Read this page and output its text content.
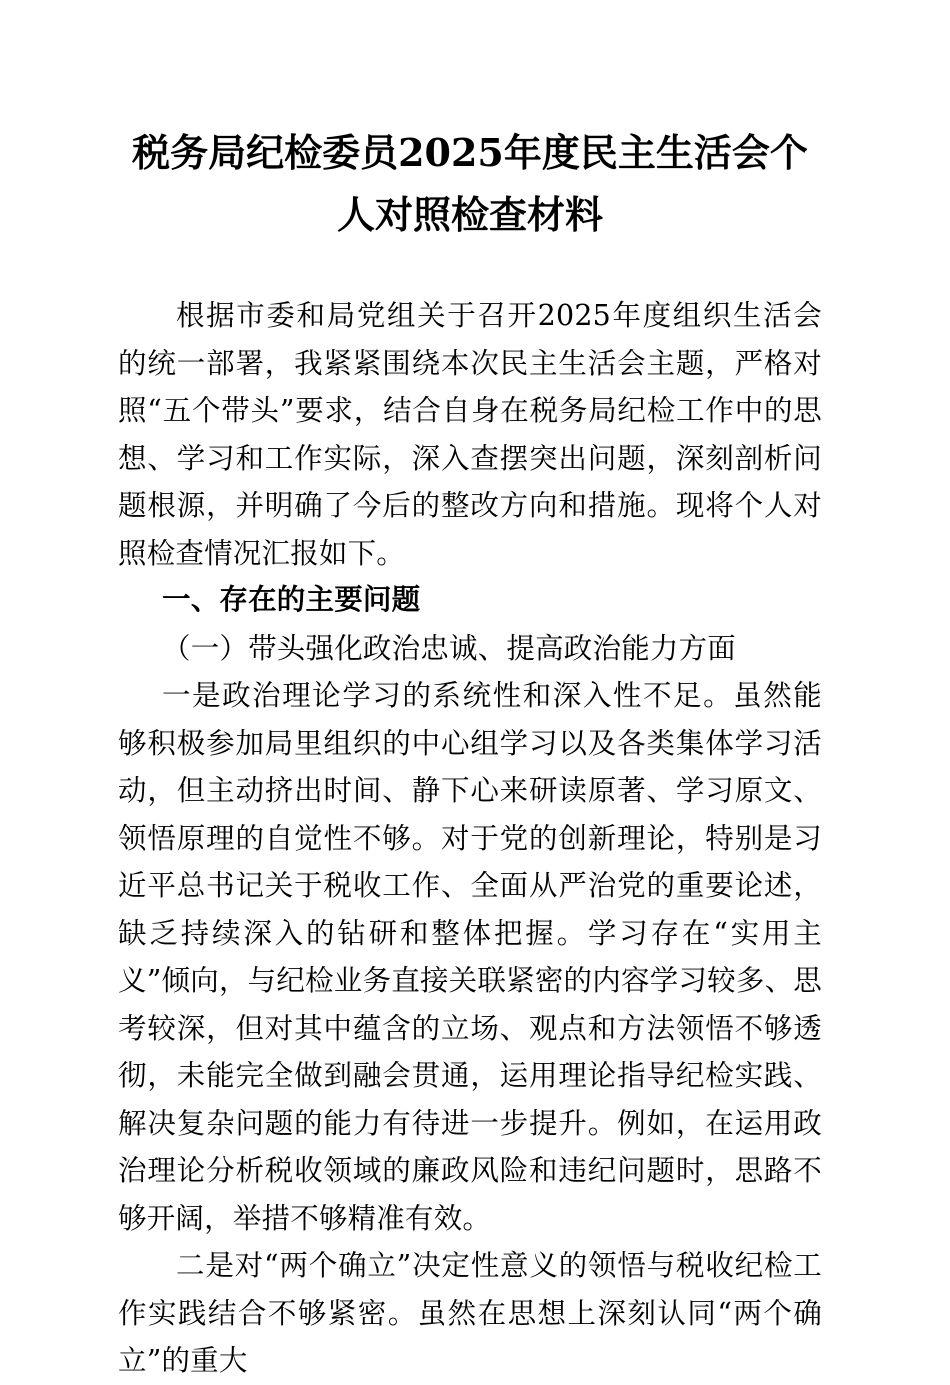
税务局纪检委员2025年度民主生活会个人对照检查材料

根据市委和局党组关于召开2025年度组织生活会的统一部署，我紧紧围绕本次民主生活会主题，严格对照“五个带头”要求，结合自身在税务局纪检工作中的思想、学习和工作实际，深入查摆突出问题，深刻剖析问题根源，并明确了今后的整改方向和措施。现将个人对照检查情况汇报如下。

一、存在的主要问题

（一）带头强化政治忠诚、提高政治能力方面

一是政治理论学习的系统性和深入性不足。虽然能够积极参加局里组织的中心组学习以及各类集体学习活动，但主动挤出时间、静下心来研读原著、学习原文、领悟原理的自觉性不够。对于党的创新理论，特别是习近平总书记关于税收工作、全面从严治党的重要论述，缺乏持续深入的钻研和整体把握。学习存在“实用主义”倾向，与纪检业务直接关联紧密的内容学习较多、思考较深，但对其中蕴含的立场、观点和方法领悟不够透彻，未能完全做到融会贯通，运用理论指导纪检实践、解决复杂问题的能力有待进一步提升。例如，在运用政治理论分析税收领域的廉政风险和违纪问题时，思路不够开阔，举措不够精准有效。

二是对“两个确立”决定性意义的领悟与税收纪检工作实践结合不够紧密。虽然在思想上深刻认同“两个确立”的重大
